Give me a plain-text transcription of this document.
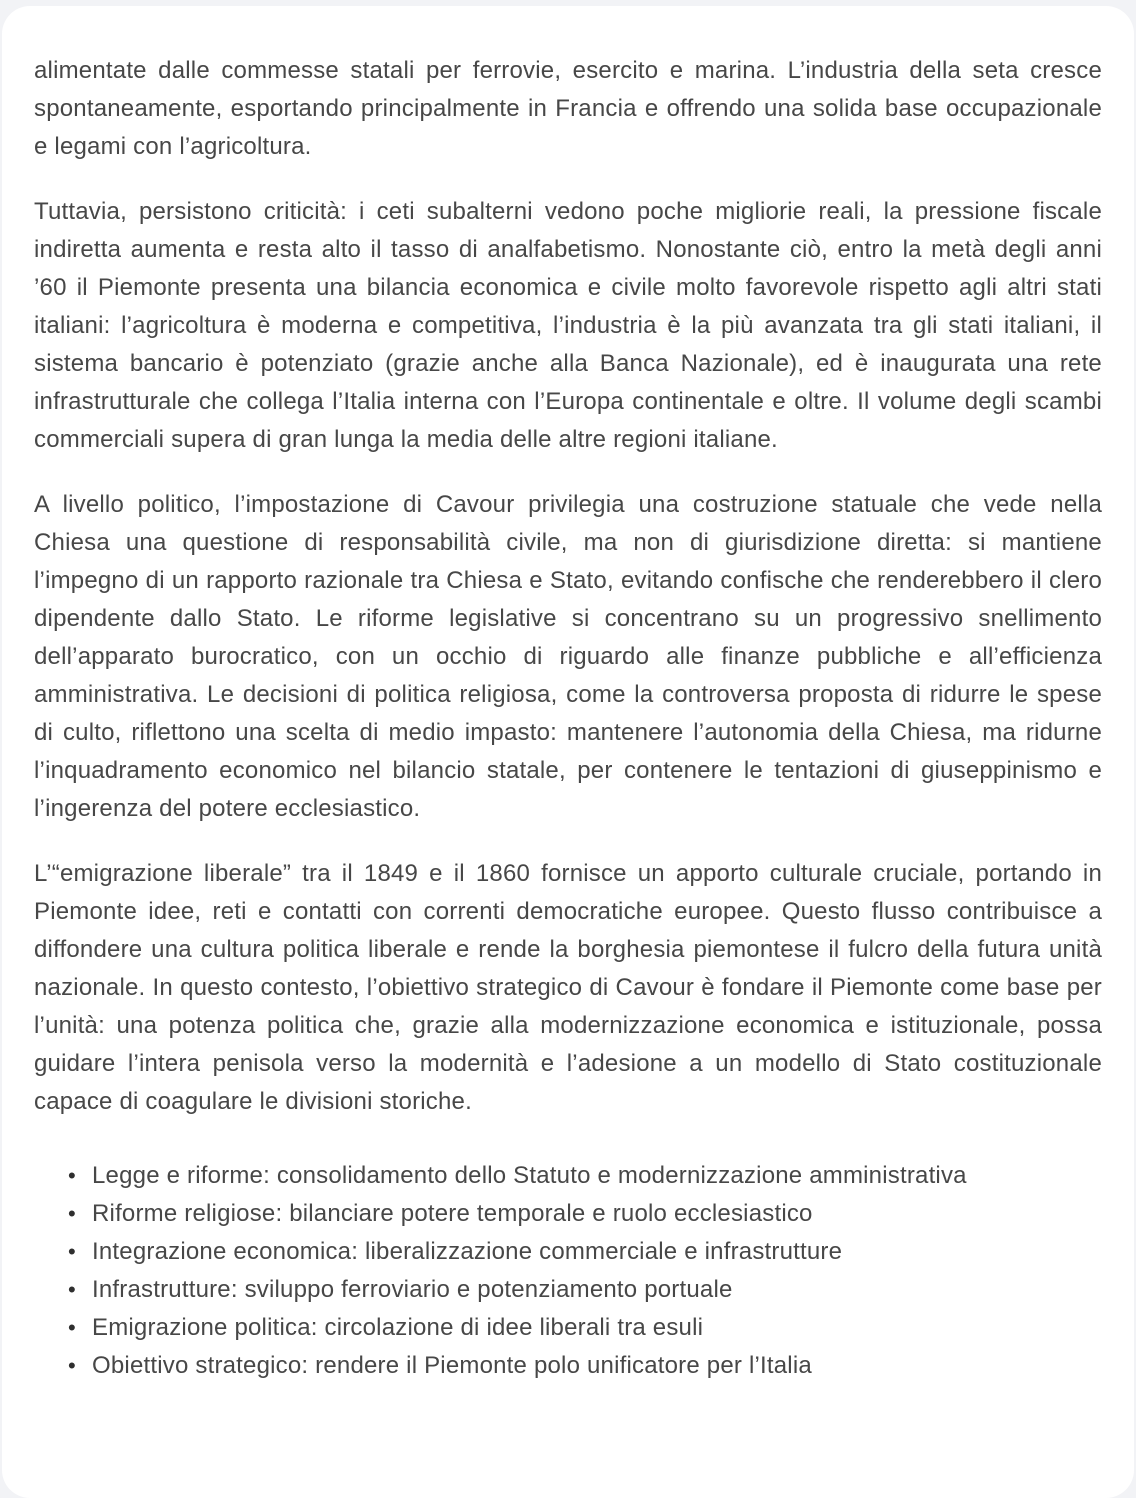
alimentate dalle commesse statali per ferrovie, esercito e marina. L’industria della seta cresce spontaneamente, esportando principalmente in Francia e offrendo una solida base occupazionale e legami con l’agricoltura.

Tuttavia, persistono criticità: i ceti subalterni vedono poche migliorie reali, la pressione fiscale indiretta aumenta e resta alto il tasso di analfabetismo. Nonostante ciò, entro la metà degli anni ’60 il Piemonte presenta una bilancia economica e civile molto favorevole rispetto agli altri stati italiani: l’agricoltura è moderna e competitiva, l’industria è la più avanzata tra gli stati italiani, il sistema bancario è potenziato (grazie anche alla Banca Nazionale), ed è inaugurata una rete infrastrutturale che collega l’Italia interna con l’Europa continentale e oltre. Il volume degli scambi commerciali supera di gran lunga la media delle altre regioni italiane.

A livello politico, l’impostazione di Cavour privilegia una costruzione statuale che vede nella Chiesa una questione di responsabilità civile, ma non di giurisdizione diretta: si mantiene l’impegno di un rapporto razionale tra Chiesa e Stato, evitando confische che renderebbero il clero dipendente dallo Stato. Le riforme legislative si concentrano su un progressivo snellimento dell’apparato burocratico, con un occhio di riguardo alle finanze pubbliche e all’efficienza amministrativa. Le decisioni di politica religiosa, come la controversa proposta di ridurre le spese di culto, riflettono una scelta di medio impasto: mantenere l’autonomia della Chiesa, ma ridurne l’inquadramento economico nel bilancio statale, per contenere le tentazioni di giuseppinismo e l’ingerenza del potere ecclesiastico.

L’“emigrazione liberale” tra il 1849 e il 1860 fornisce un apporto culturale cruciale, portando in Piemonte idee, reti e contatti con correnti democratiche europee. Questo flusso contribuisce a diffondere una cultura politica liberale e rende la borghesia piemontese il fulcro della futura unità nazionale. In questo contesto, l’obiettivo strategico di Cavour è fondare il Piemonte come base per l’unità: una potenza politica che, grazie alla modernizzazione economica e istituzionale, possa guidare l’intera penisola verso la modernità e l’adesione a un modello di Stato costituzionale capace di coagulare le divisioni storiche.

• Legge e riforme: consolidamento dello Statuto e modernizzazione amministrativa
• Riforme religiose: bilanciare potere temporale e ruolo ecclesiastico
• Integrazione economica: liberalizzazione commerciale e infrastrutture
• Infrastrutture: sviluppo ferroviario e potenziamento portuale
• Emigrazione politica: circolazione di idee liberali tra esuli
• Obiettivo strategico: rendere il Piemonte polo unificatore per l’Italia
